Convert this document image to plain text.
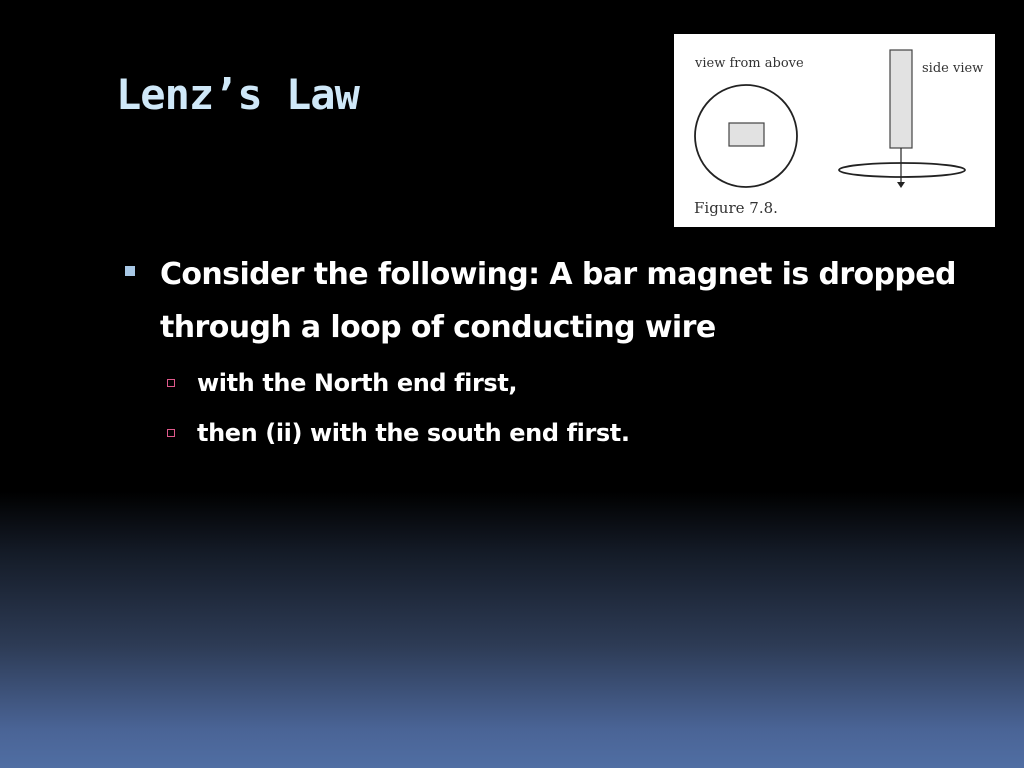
Lenz’s Law
view from above	side view
Figure 7.8.
Consider the following: A bar magnet is dropped through a loop of conducting wire
with the North end first,
then (ii) with the south end first.
